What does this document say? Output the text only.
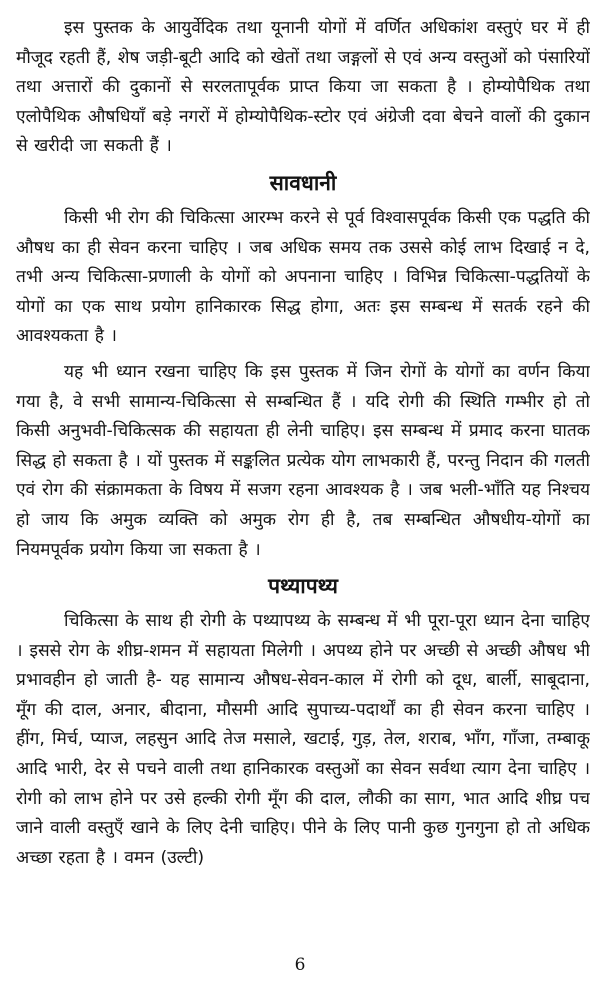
इस पुस्तक के आयुर्वेदिक तथा यूनानी योगों में वर्णित अधिकांश वस्तुएं घर में ही मौजूद रहती हैं, शेष जड़ी-बूटी आदि को खेतों तथा जङ्गलों से एवं अन्य वस्तुओं को पंसारियों तथा अत्तारों की दुकानों से सरलतापूर्वक प्राप्त किया जा सकता है । होम्योपैथिक तथा एलोपैथिक औषधियाँ बड़े नगरों में होम्योपैथिक-स्टोर एवं अंग्रेजी दवा बेचने वालों की दुकान से खरीदी जा सकती हैं ।

सावधानी

किसी भी रोग की चिकित्सा आरम्भ करने से पूर्व विश्वासपूर्वक किसी एक पद्धति की औषध का ही सेवन करना चाहिए । जब अधिक समय तक उससे कोई लाभ दिखाई न दे, तभी अन्य चिकित्सा-प्रणाली के योगों को अपनाना चाहिए । विभिन्न चिकित्सा-पद्धतियों के योगों का एक साथ प्रयोग हानिकारक सिद्ध होगा, अतः इस सम्बन्ध में सतर्क रहने की आवश्यकता है ।

यह भी ध्यान रखना चाहिए कि इस पुस्तक में जिन रोगों के योगों का वर्णन किया गया है, वे सभी सामान्य-चिकित्सा से सम्बन्धित हैं । यदि रोगी की स्थिति गम्भीर हो तो किसी अनुभवी-चिकित्सक की सहायता ही लेनी चाहिए। इस सम्बन्ध में प्रमाद करना घातक सिद्ध हो सकता है । यों पुस्तक में सङ्कलित प्रत्येक योग लाभकारी हैं, परन्तु निदान की गलती एवं रोग की संक्रामकता के विषय में सजग रहना आवश्यक है । जब भली-भाँति यह निश्चय हो जाय कि अमुक व्यक्ति को अमुक रोग ही है, तब सम्बन्धित औषधीय-योगों का नियमपूर्वक प्रयोग किया जा सकता है ।

पथ्यापथ्य

चिकित्सा के साथ ही रोगी के पथ्यापथ्य के सम्बन्ध में भी पूरा-पूरा ध्यान देना चाहिए । इससे रोग के शीघ्र-शमन में सहायता मिलेगी । अपथ्य होने पर अच्छी से अच्छी औषध भी प्रभावहीन हो जाती है- यह सामान्य औषध-सेवन-काल में रोगी को दूध, बार्ली, साबूदाना, मूँग की दाल, अनार, बीदाना, मौसमी आदि सुपाच्य-पदार्थों का ही सेवन करना चाहिए । हींग, मिर्च, प्याज, लहसुन आदि तेज मसाले, खटाई, गुड़, तेल, शराब, भाँग, गाँजा, तम्बाकू आदि भारी, देर से पचने वाली तथा हानिकारक वस्तुओं का सेवन सर्वथा त्याग देना चाहिए । रोगी को लाभ होने पर उसे हल्की रोगी मूँग की दाल, लौकी का साग, भात आदि शीघ्र पच जाने वाली वस्तुएँ खाने के लिए देनी चाहिए। पीने के लिए पानी कुछ गुनगुना हो तो अधिक अच्छा रहता है । वमन (उल्टी)

6
